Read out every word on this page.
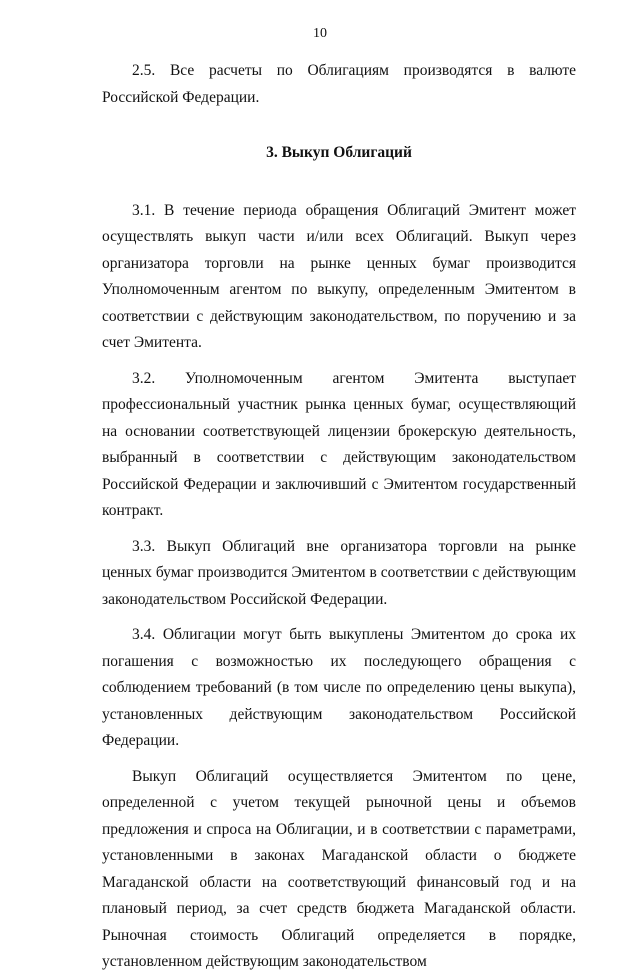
10

2.5. Все расчеты по Облигациям производятся в валюте Российской Федерации.

3. Выкуп Облигаций

3.1. В течение периода обращения Облигаций Эмитент может осуществлять выкуп части и/или всех Облигаций. Выкуп через организатора торговли на рынке ценных бумаг производится Уполномоченным агентом по выкупу, определенным Эмитентом в соответствии с действующим законодательством, по поручению и за счет Эмитента.

3.2. Уполномоченным агентом Эмитента выступает профессиональный участник рынка ценных бумаг, осуществляющий на основании соответствующей лицензии брокерскую деятельность, выбранный в соответствии с действующим законодательством Российской Федерации и заключивший с Эмитентом государственный контракт.

3.3. Выкуп Облигаций вне организатора торговли на рынке ценных бумаг производится Эмитентом в соответствии с действующим законодательством Российской Федерации.

3.4. Облигации могут быть выкуплены Эмитентом до срока их погашения с возможностью их последующего обращения с соблюдением требований (в том числе по определению цены выкупа), установленных действующим законодательством Российской Федерации.

Выкуп Облигаций осуществляется Эмитентом по цене, определенной с учетом текущей рыночной цены и объемов предложения и спроса на Облигации, и в соответствии с параметрами, установленными в законах Магаданской области о бюджете Магаданской области на соответствующий финансовый год и на плановый период, за счет средств бюджета Магаданской области. Рыночная стоимость Облигаций определяется в порядке, установленном действующим законодательством
